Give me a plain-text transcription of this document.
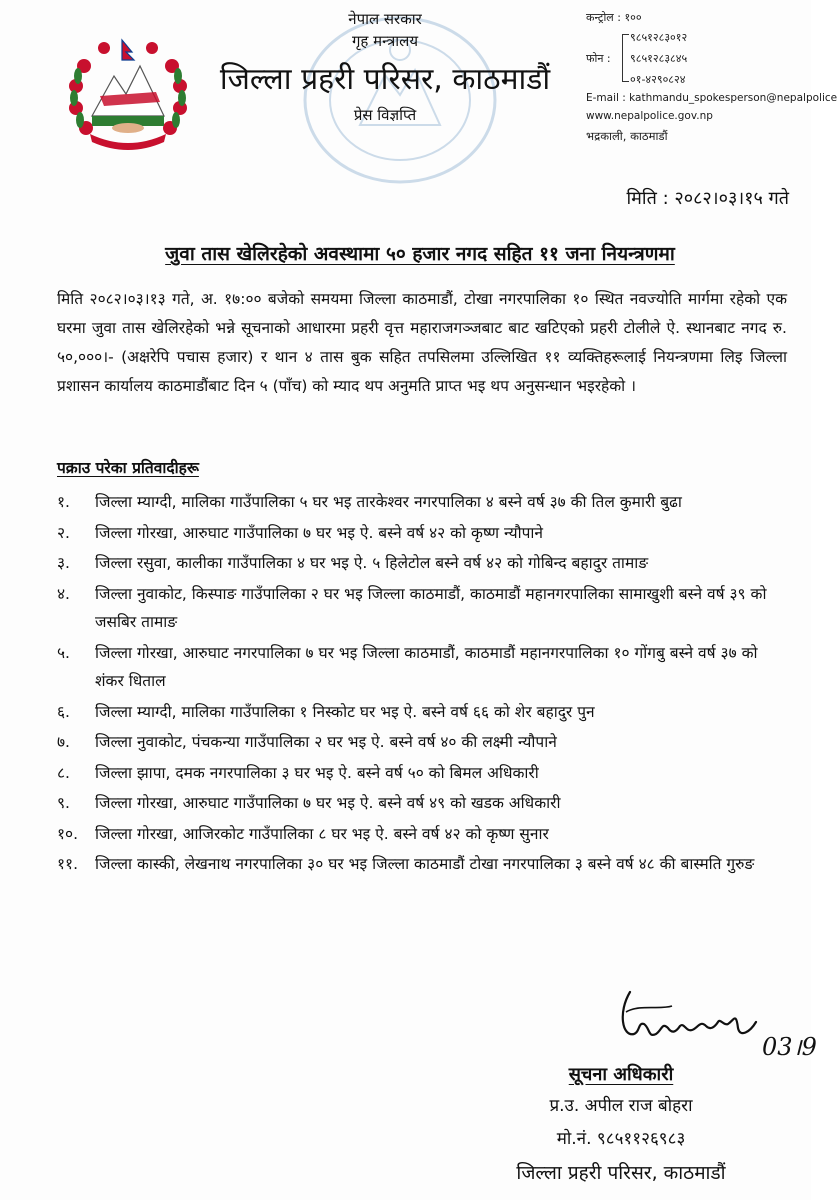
नेपाल सरकार
गृह मन्त्रालय
जिल्ला प्रहरी परिसर, काठमाडौं
प्रेस विज्ञप्ति
कन्ट्रोल : १००
९८५१२८३०१२
फोन : ९८५१२८३८४५
०१-४२९०८२४
E-mail : kathmandu_spokesperson@nepalpolice
www.nepalpolice.gov.np
भद्रकाली, काठमाडौं
मिति : २०८२।०३।१५ गते
जुवा तास खेलिरहेको अवस्थामा ५० हजार नगद सहित ११ जना नियन्त्रणमा
मिति २०८२।०३।१३ गते, अ. १७:०० बजेको समयमा जिल्ला काठमाडौं, टोखा नगरपालिका १० स्थित नवज्योति मार्गमा रहेको एक घरमा जुवा तास खेलिरहेको भन्ने सूचनाको आधारमा प्रहरी वृत्त महाराजगञ्जबाट बाट खटिएको प्रहरी टोलीले ऐ. स्थानबाट नगद रु. ५०,०००।- (अक्षरेपि पचास हजार) र थान ४ तास बुक सहित तपसिलमा उल्लिखित ११ व्यक्तिहरूलाई नियन्त्रणमा लिइ जिल्ला प्रशासन कार्यालय काठमाडौंबाट दिन ५ (पाँच) को म्याद थप अनुमति प्राप्त भइ थप अनुसन्धान भइरहेको ।
पक्राउ परेका प्रतिवादीहरू
१. जिल्ला म्याग्दी, मालिका गाउँपालिका ५ घर भइ तारकेश्वर नगरपालिका ४ बस्ने वर्ष ३७ की तिल कुमारी बुढा
२. जिल्ला गोरखा, आरुघाट गाउँपालिका ७ घर भइ ऐ. बस्ने वर्ष ४२ को कृष्ण न्यौपाने
३. जिल्ला रसुवा, कालीका गाउँपालिका ४ घर भइ ऐ. ५ हिलेटोल बस्ने वर्ष ४२ को गोबिन्द बहादुर तामाङ
४. जिल्ला नुवाकोट, किस्पाङ गाउँपालिका २ घर भइ जिल्ला काठमाडौं, काठमाडौं महानगरपालिका सामाखुशी बस्ने वर्ष ३९ को जसबिर तामाङ
५. जिल्ला गोरखा, आरुघाट नगरपालिका ७ घर भइ जिल्ला काठमाडौं, काठमाडौं महानगरपालिका १० गोंगबु बस्ने वर्ष ३७ को शंकर धिताल
६. जिल्ला म्याग्दी, मालिका गाउँपालिका १ निस्कोट घर भइ ऐ. बस्ने वर्ष ६६ को शेर बहादुर पुन
७. जिल्ला नुवाकोट, पंचकन्या गाउँपालिका २ घर भइ ऐ. बस्ने वर्ष ४० की लक्ष्मी न्यौपाने
८. जिल्ला झापा, दमक नगरपालिका ३ घर भइ ऐ. बस्ने वर्ष ५० को बिमल अधिकारी
९. जिल्ला गोरखा, आरुघाट गाउँपालिका ७ घर भइ ऐ. बस्ने वर्ष ४९ को खडक अधिकारी
१०. जिल्ला गोरखा, आजिरकोट गाउँपालिका ८ घर भइ ऐ. बस्ने वर्ष ४२ को कृष्ण सुनार
११. जिल्ला कास्की, लेखनाथ नगरपालिका ३० घर भइ जिल्ला काठमाडौं टोखा नगरपालिका ३ बस्ने वर्ष ४८ की बास्मति गुरुङ
03।9
सूचना अधिकारी
प्र.उ. अपील राज बोहरा
मो.नं. ९८५११२६९८३
जिल्ला प्रहरी परिसर, काठमाडौं
